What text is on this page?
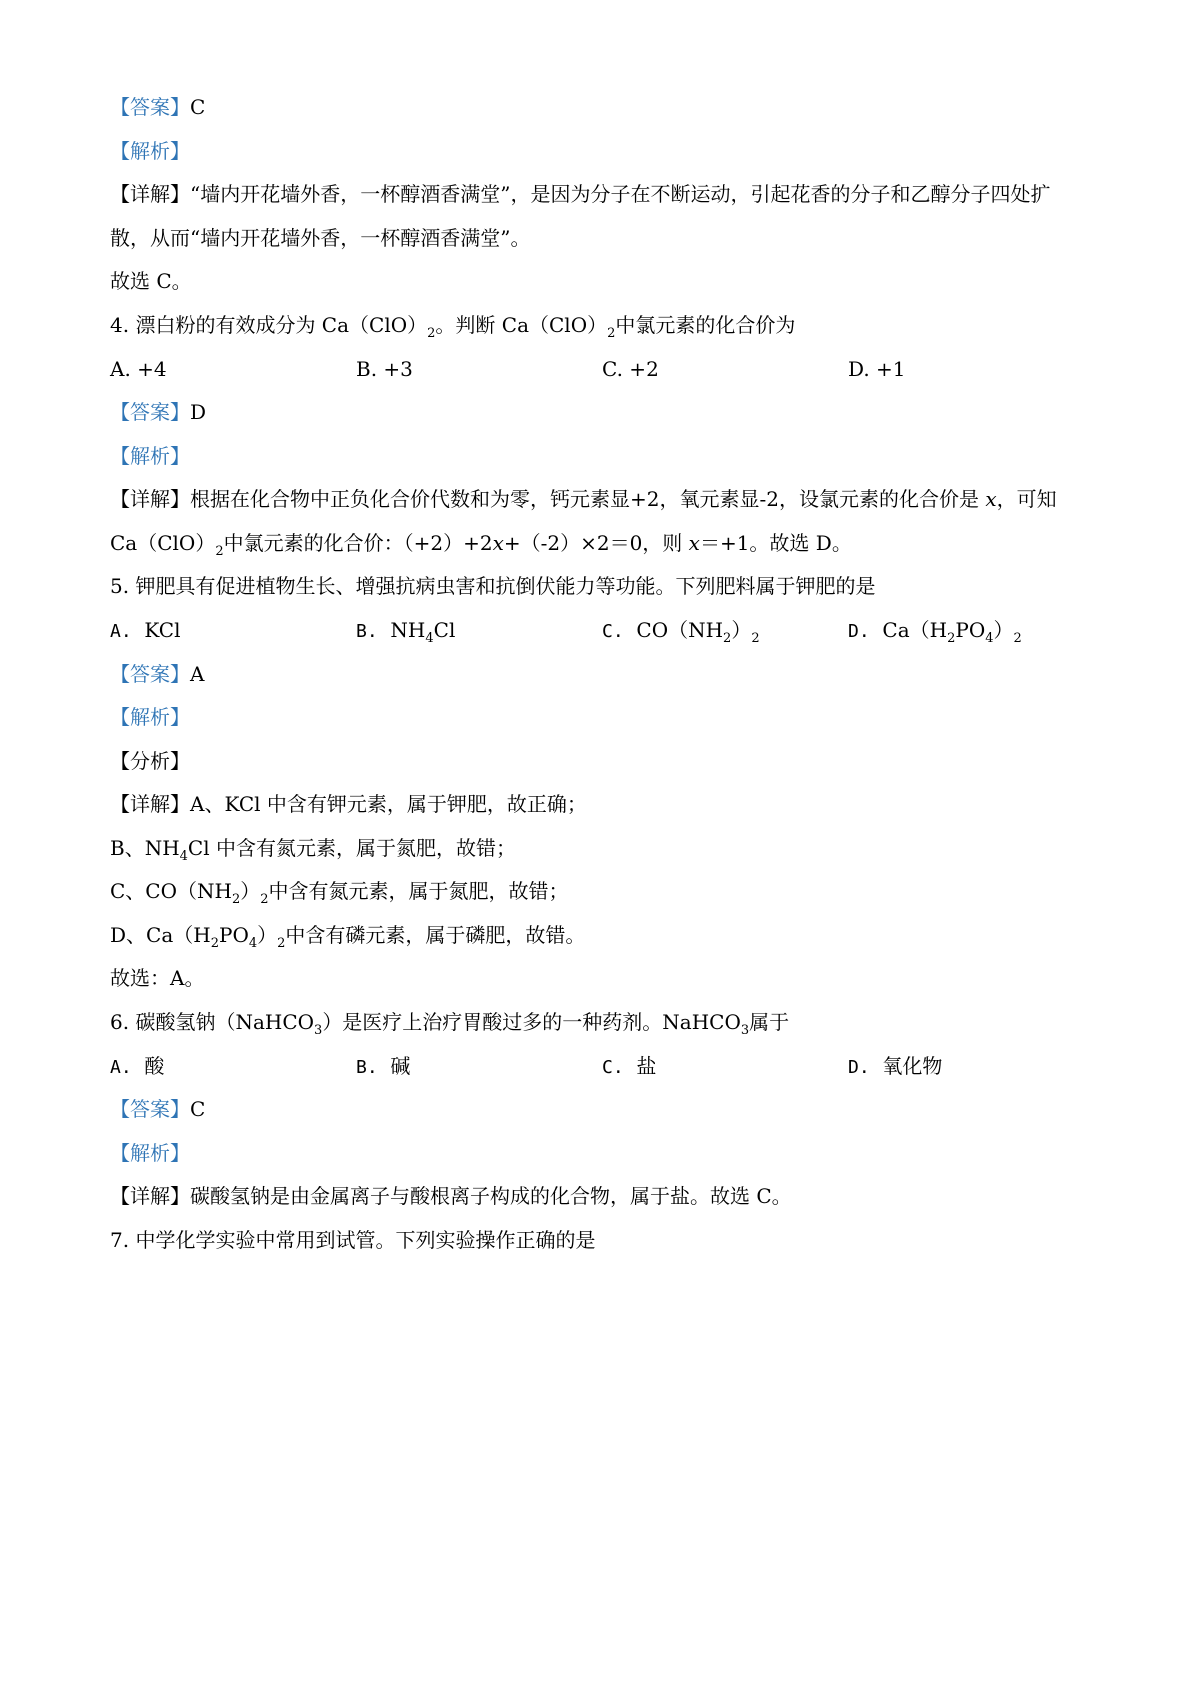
【答案】C
【解析】
【详解】“墙内开花墙外香，一杯醇酒香满堂”，是因为分子在不断运动，引起花香的分子和乙醇分子四处扩
散，从而“墙内开花墙外香，一杯醇酒香满堂”。
故选 C。
4. 漂白粉的有效成分为 $Ca(ClO)_2$。判断 $Ca(ClO)_2$中氯元素的化合价为
A. +4	B. +3	C. +2	D. +1
【答案】D
【解析】
【详解】根据在化合物中正负化合价代数和为零，钙元素显+2，氧元素显-2，设氯元素的化合价是 x，可知
$Ca(ClO)_2$中氯元素的化合价：（+2）+2x+（-2）×2＝0，则 x＝+1。故选 D。
5. 钾肥具有促进植物生长、增强抗病虫害和抗倒伏能力等功能。下列肥料属于钾肥的是
A. KCl	B. $NH_4Cl$	C. $CO(NH_2)_2$	D. $Ca(H_2PO_4)_2$
【答案】A
【解析】
【分析】
【详解】A、KCl 中含有钾元素，属于钾肥，故正确；
B、$NH_4Cl$ 中含有氮元素，属于氮肥，故错；
C、$CO(NH_2)_2$中含有氮元素，属于氮肥，故错；
D、$Ca(H_2PO_4)_2$中含有磷元素，属于磷肥，故错。
故选：A。
6. 碳酸氢钠（NaHCO$_3$）是医疗上治疗胃酸过多的一种药剂。NaHCO$_3$属于
A. 酸	B. 碱	C. 盐	D. 氧化物
【答案】C
【解析】
【详解】碳酸氢钠是由金属离子与酸根离子构成的化合物，属于盐。故选 C。
7. 中学化学实验中常用到试管。下列实验操作正确的是
